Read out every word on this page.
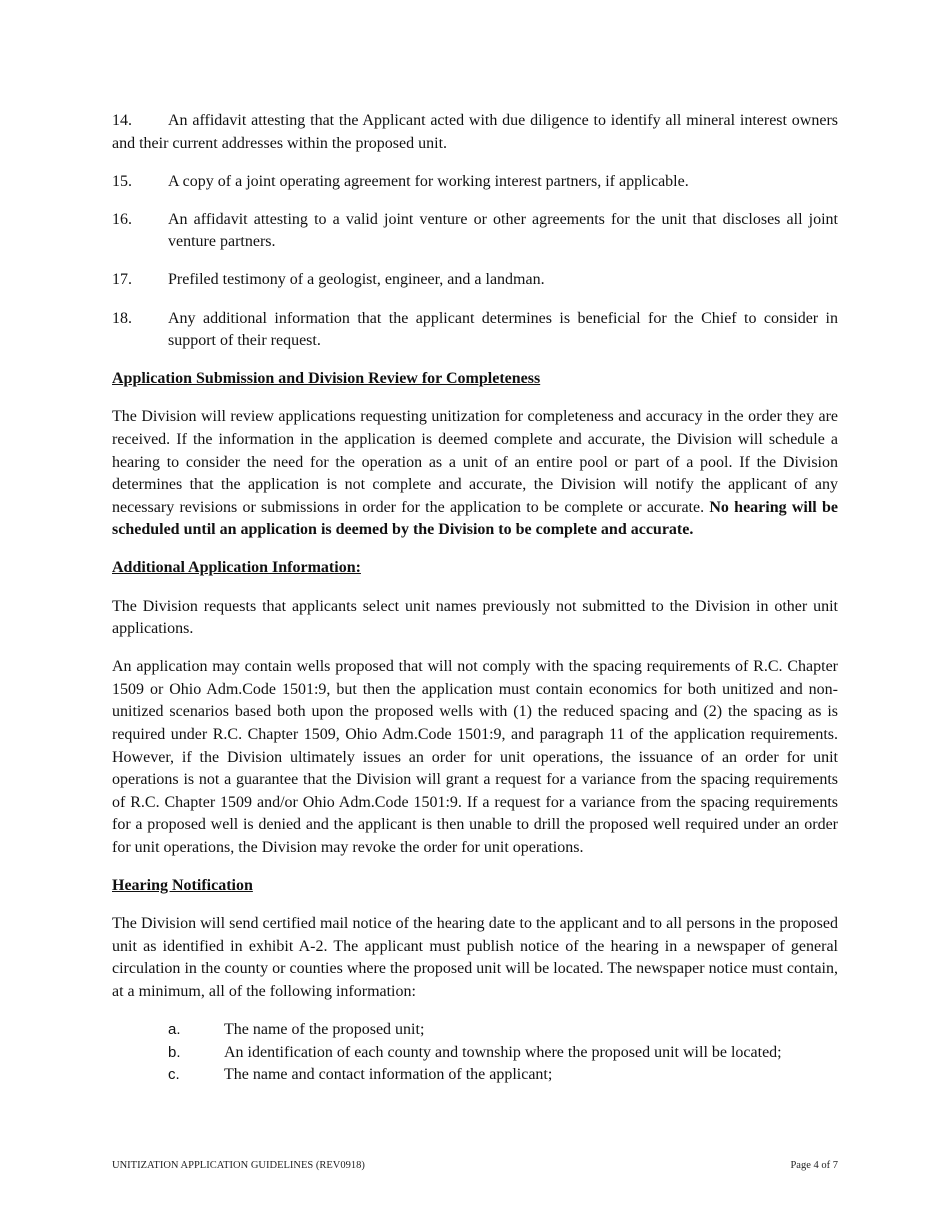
14. An affidavit attesting that the Applicant acted with due diligence to identify all mineral interest owners and their current addresses within the proposed unit.

15.	A copy of a joint operating agreement for working interest partners, if applicable.
16.	An affidavit attesting to a valid joint venture or other agreements for the unit that discloses all joint venture partners.
17.	Prefiled testimony of a geologist, engineer, and a landman.
18.	Any additional information that the applicant determines is beneficial for the Chief to consider in support of their request.
Application Submission and Division Review for Completeness

The Division will review applications requesting unitization for completeness and accuracy in the order they are received. If the information in the application is deemed complete and accurate, the Division will schedule a hearing to consider the need for the operation as a unit of an entire pool or part of a pool. If the Division determines that the application is not complete and accurate, the Division will notify the applicant of any necessary revisions or submissions in order for the application to be complete or accurate. No hearing will be scheduled until an application is deemed by the Division to be complete and accurate.

Additional Application Information:

The Division requests that applicants select unit names previously not submitted to the Division in other unit applications.

An application may contain wells proposed that will not comply with the spacing requirements of R.C. Chapter 1509 or Ohio Adm.Code 1501:9, but then the application must contain economics for both unitized and non-unitized scenarios based both upon the proposed wells with (1) the reduced spacing and (2) the spacing as is required under R.C. Chapter 1509, Ohio Adm.Code 1501:9, and paragraph 11 of the application requirements. However, if the Division ultimately issues an order for unit operations, the issuance of an order for unit operations is not a guarantee that the Division will grant a request for a variance from the spacing requirements of R.C. Chapter 1509 and/or Ohio Adm.Code 1501:9. If a request for a variance from the spacing requirements for a proposed well is denied and the applicant is then unable to drill the proposed well required under an order for unit operations, the Division may revoke the order for unit operations.

Hearing Notification

The Division will send certified mail notice of the hearing date to the applicant and to all persons in the proposed unit as identified in exhibit A-2. The applicant must publish notice of the hearing in a newspaper of general circulation in the county or counties where the proposed unit will be located. The newspaper notice must contain, at a minimum, all of the following information:

a.	The name of the proposed unit;
b.	An identification of each county and township where the proposed unit will be located;
c.	The name and contact information of the applicant;
UNITIZATION APPLICATION GUIDELINES (REV0918)	Page 4 of 7
